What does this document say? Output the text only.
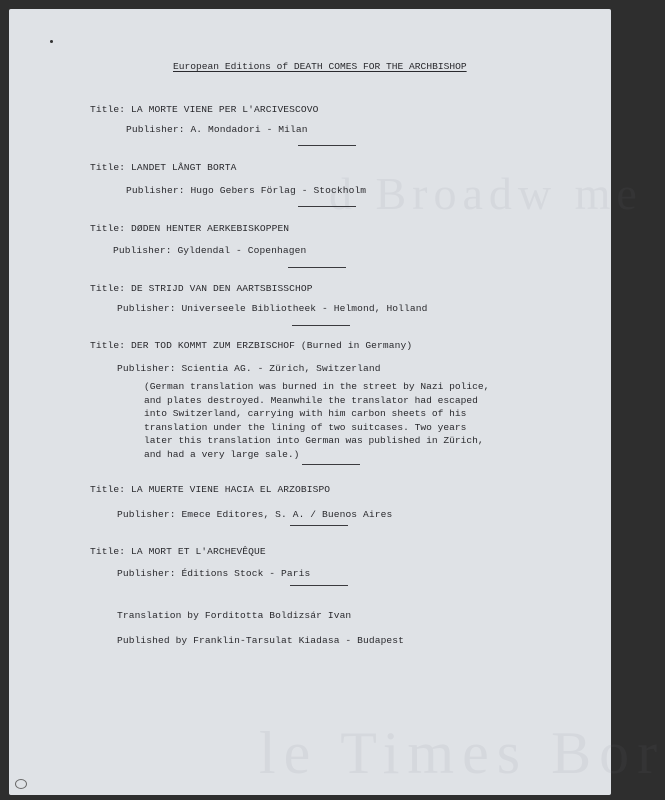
d Broadw me
le Times Bor
European Editions of DEATH COMES FOR THE ARCHBISHOP
Title: LA MORTE VIENE PER L'ARCIVESCOVO
Publisher: A. Mondadori - Milan
Title: LANDET LÅNGT BORTA
Publisher: Hugo Gebers Förlag - Stockholm
Title: DØDEN HENTER AERKEBISKOPPEN
Publisher: Gyldendal - Copenhagen
Title: DE STRIJD VAN DEN AARTSBISSCHOP
Publisher: Universeele Bibliotheek - Helmond, Holland
Title: DER TOD KOMMT ZUM ERZBISCHOF (Burned in Germany)
Publisher: Scientia AG. - Zürich, Switzerland
(German translation was burned in the street by Nazi police,
and plates destroyed. Meanwhile the translator had escaped
into Switzerland, carrying with him carbon sheets of his
translation under the lining of two suitcases. Two years
later this translation into German was published in Zürich,
and had a very large sale.)
Title: LA MUERTE VIENE HACIA EL ARZOBISPO
Publisher: Emece Editores, S. A. / Buenos Aires
Title: LA MORT ET L'ARCHEVÊQUE
Publisher: Éditions Stock - Paris
Translation by Forditotta Boldizsár Ivan
Published by Franklin-Tarsulat Kiadasa - Budapest
